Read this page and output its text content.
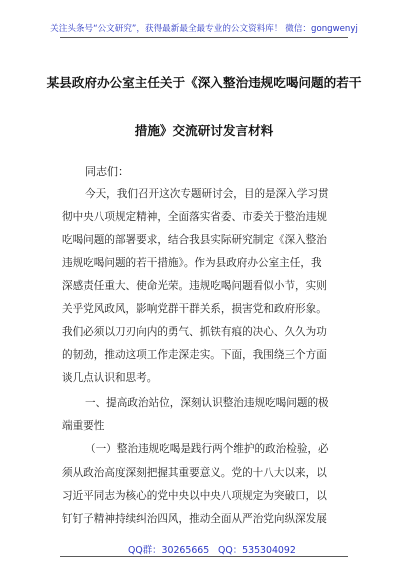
关注头条号“公文研究”，获得最新最全最专业的公文资料库！ 微信：gongwenyj
某县政府办公室主任关于《深入整治违规吃喝问题的若干
措施》交流研讨发言材料
同志们：
今天，我们召开这次专题研讨会，目的是深入学习贯
彻中央八项规定精神，全面落实省委、市委关于整治违规
吃喝问题的部署要求，结合我县实际研究制定《深入整治
违规吃喝问题的若干措施》。作为县政府办公室主任，我
深感责任重大、使命光荣。违规吃喝问题看似小节，实则
关乎党风政风，影响党群干群关系，损害党和政府形象。
我们必须以刀刃向内的勇气、抓铁有痕的决心、久久为功
的韧劲，推动这项工作走深走实。下面，我围绕三个方面
谈几点认识和思考。
一、提高政治站位，深刻认识整治违规吃喝问题的极
端重要性
（一）整治违规吃喝是践行两个维护的政治检验，必
须从政治高度深刻把握其重要意义。党的十八大以来，以
习近平同志为核心的党中央以中央八项规定为突破口，以
钉钉子精神持续纠治四风，推动全面从严治党向纵深发展
QQ群：30265665 QQ：535304092
